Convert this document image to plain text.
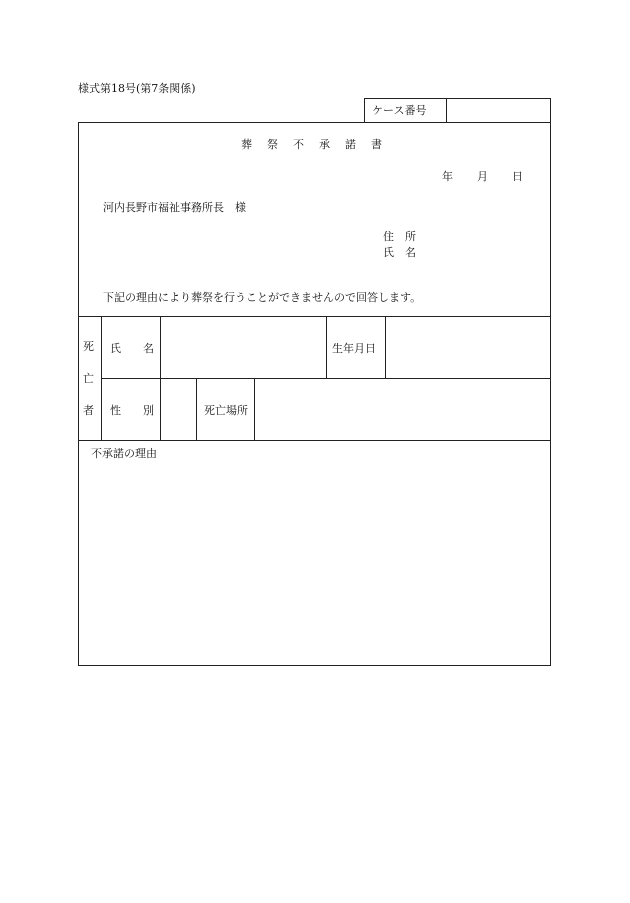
様式第18号(第7条関係)
ケース番号
葬祭不承諾書
年 月 日
河内長野市福祉事務所長　様
住　所
氏　名
下記の理由により葬祭を行うことができませんので回答します。
死
亡
者
氏　　名	生年月日
性　　別	死亡場所
不承諾の理由
